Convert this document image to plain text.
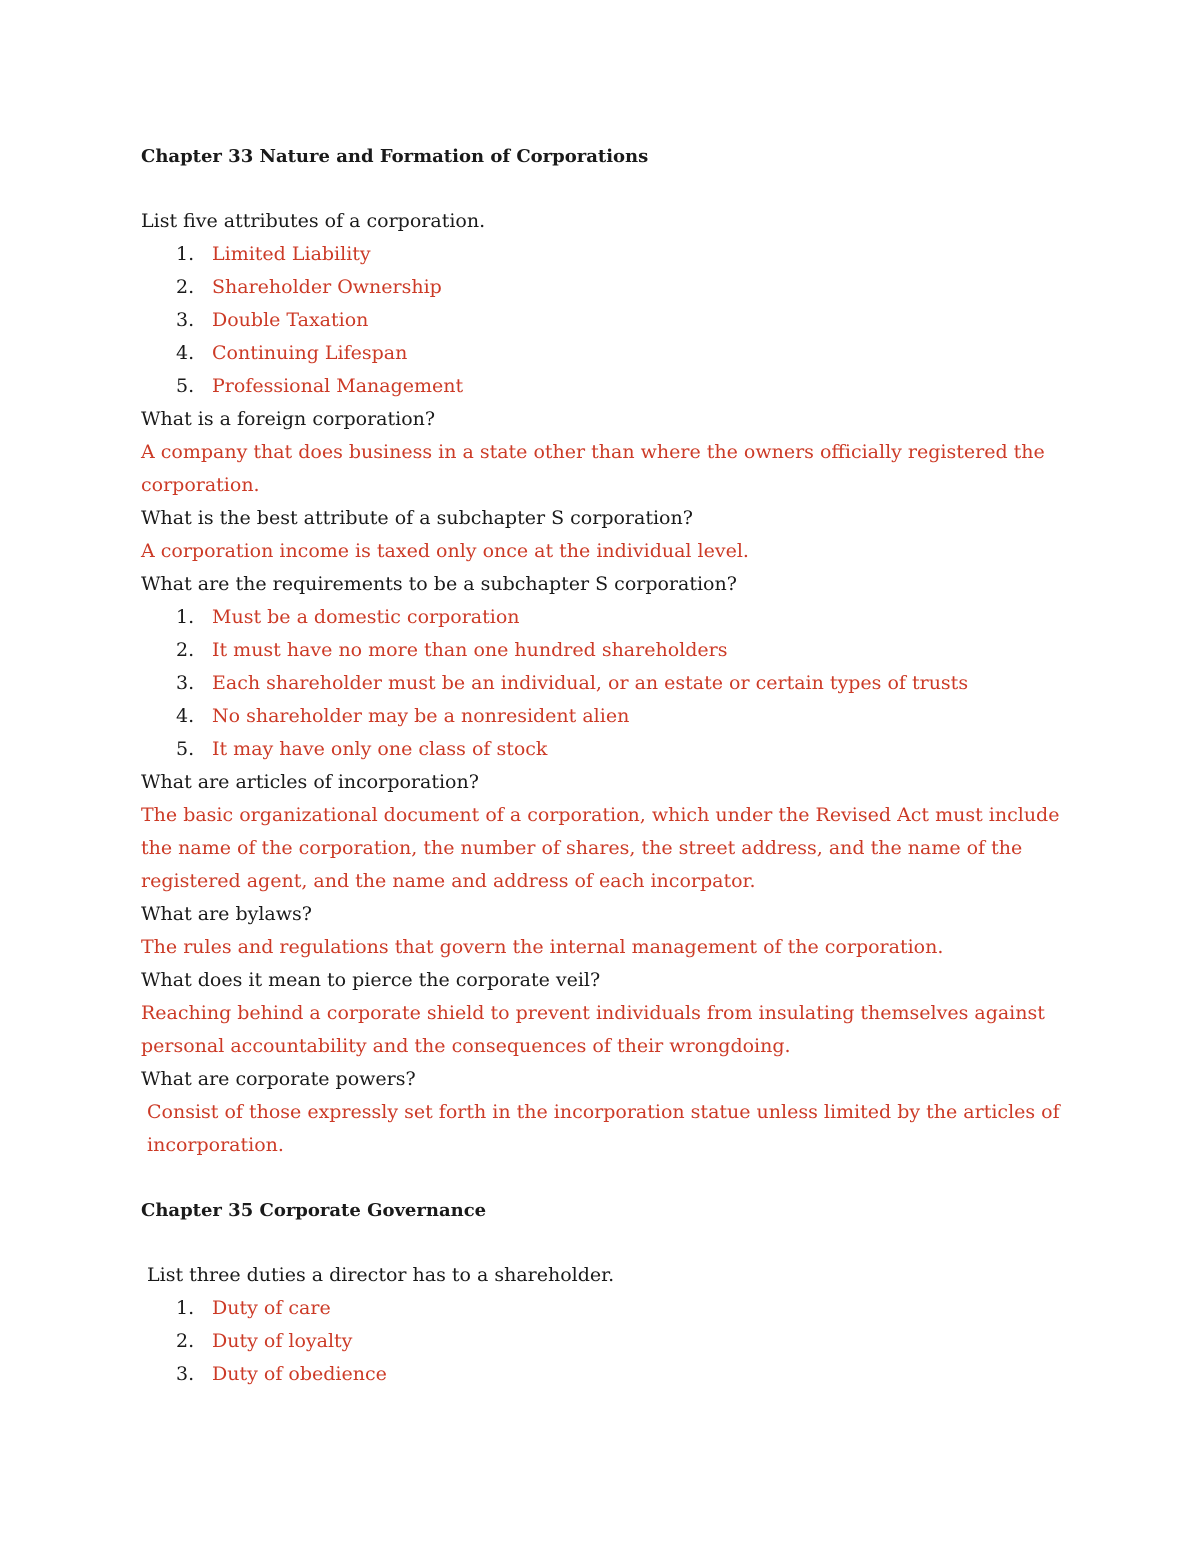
Chapter 33 Nature and Formation of Corporations

List five attributes of a corporation.

1. Limited Liability
2. Shareholder Ownership
3. Double Taxation
4. Continuing Lifespan
5. Professional Management

What is a foreign corporation?

A company that does business in a state other than where the owners officially registered the corporation.

What is the best attribute of a subchapter S corporation?

A corporation income is taxed only once at the individual level.

What are the requirements to be a subchapter S corporation?

1. Must be a domestic corporation
2. It must have no more than one hundred shareholders
3. Each shareholder must be an individual, or an estate or certain types of trusts
4. No shareholder may be a nonresident alien
5. It may have only one class of stock

What are articles of incorporation?

The basic organizational document of a corporation, which under the Revised Act must include the name of the corporation, the number of shares, the street address, and the name of the registered agent, and the name and address of each incorpator.

What are bylaws?

The rules and regulations that govern the internal management of the corporation.

What does it mean to pierce the corporate veil?

Reaching behind a corporate shield to prevent individuals from insulating themselves against personal accountability and the consequences of their wrongdoing.

What are corporate powers?

Consist of those expressly set forth in the incorporation statue unless limited by the articles of incorporation.

Chapter 35 Corporate Governance

List three duties a director has to a shareholder.

1. Duty of care
2. Duty of loyalty
3. Duty of obedience
